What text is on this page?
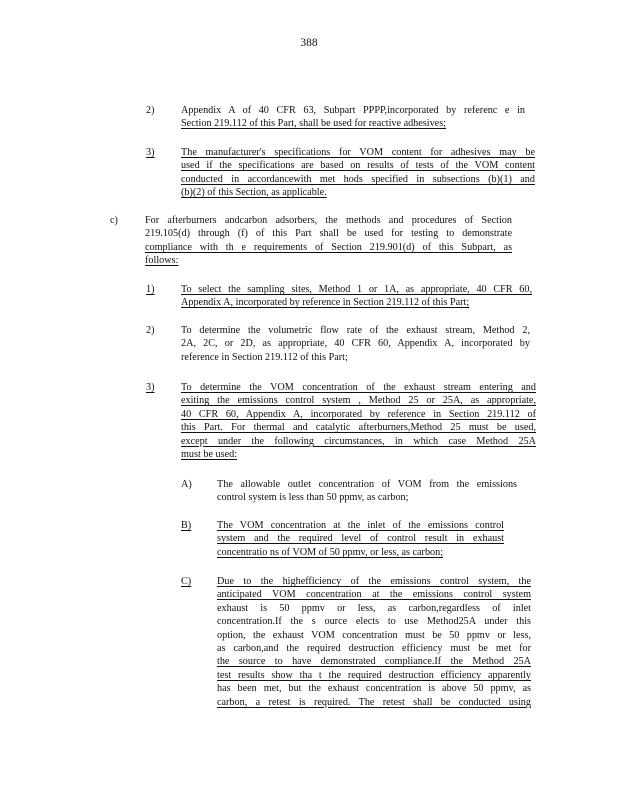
388
2)	Appendix A of 40 CFR 63, Subpart PPPP,incorporated by referenc e in
Section 219.112 of this Part, shall be used for reactive adhesives;
3)	The manufacturer's specifications for VOM content for adhesives may be
used if the specifications are based on results of tests of the VOM content
conducted in accordancewith met hods specified in subsections (b)(1) and
(b)(2) of this Section, as applicable.
c)	For afterburners andcarbon adsorbers, the methods and procedures of Section
219.105(d) through (f) of this Part shall be used for testing to demonstrate
compliance with th e requirements of Section 219.901(d) of this Subpart, as
follows:
1)	To select the sampling sites, Method 1 or 1A, as appropriate, 40 CFR 60,
Appendix A, incorporated by reference in Section 219.112 of this Part;
2)	To determine the volumetric flow rate of the exhaust stream, Method 2,
2A, 2C, or 2D, as appropriate, 40 CFR 60, Appendix A, incorporated by
reference in Section 219.112 of this Part;
3)	To determine the VOM concentration of the exhaust stream entering and
exiting the emissions control system , Method 25 or 25A, as appropriate,
40 CFR 60, Appendix A, incorporated by reference in Section 219.112 of
this Part. For thermal and catalytic afterburners,Method 25 must be used,
except under the following circumstances, in which case Method 25A
must be used:
A) The allowable outlet concentration of VOM from the emissions
control system is less than 50 ppmv, as carbon;
B)	The VOM concentration at the inlet of the emissions control
system and the required level of control result in exhaust
concentratio ns of VOM of 50 ppmv, or less, as carbon;
C)	Due to the highefficiency of the emissions control system, the
anticipated VOM concentration at the emissions control system
exhaust is 50 ppmv or less, as carbon,regardless of inlet
concentration.If the s ource elects to use Method25A under this
option, the exhaust VOM concentration must be 50 ppmv or less,
as carbon,and the required destruction efficiency must be met for
the source to have demonstrated compliance.If the Method 25A
test results show tha t the required destruction efficiency apparently
has been met, but the exhaust concentration is above 50 ppmv, as
carbon, a retest is required. The retest shall be conducted using
